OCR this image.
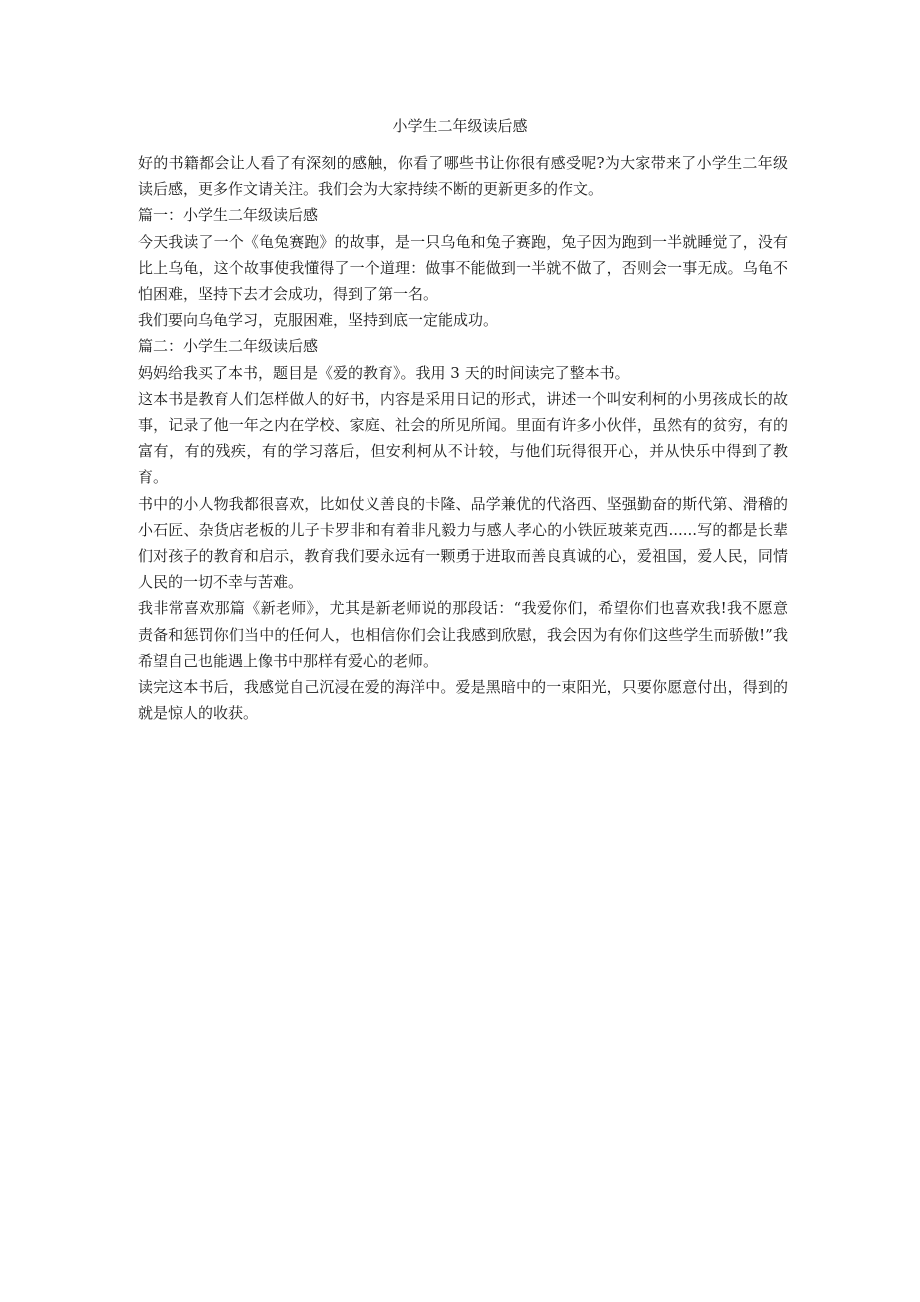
小学生二年级读后感

好的书籍都会让人看了有深刻的感触，你看了哪些书让你很有感受呢?为大家带来了小学生二年级读后感，更多作文请关注。我们会为大家持续不断的更新更多的作文。

篇一：小学生二年级读后感

今天我读了一个《龟兔赛跑》的故事，是一只乌龟和兔子赛跑，兔子因为跑到一半就睡觉了，没有比上乌龟，这个故事使我懂得了一个道理：做事不能做到一半就不做了，否则会一事无成。乌龟不怕困难，坚持下去才会成功，得到了第一名。

我们要向乌龟学习，克服困难，坚持到底一定能成功。

篇二：小学生二年级读后感

妈妈给我买了本书，题目是《爱的教育》。我用 3 天的时间读完了整本书。

这本书是教育人们怎样做人的好书，内容是采用日记的形式，讲述一个叫安利柯的小男孩成长的故事，记录了他一年之内在学校、家庭、社会的所见所闻。里面有许多小伙伴，虽然有的贫穷，有的富有，有的残疾，有的学习落后，但安利柯从不计较，与他们玩得很开心，并从快乐中得到了教育。

书中的小人物我都很喜欢，比如仗义善良的卡隆、品学兼优的代洛西、坚强勤奋的斯代第、滑稽的小石匠、杂货店老板的儿子卡罗非和有着非凡毅力与感人孝心的小铁匠玻莱克西......写的都是长辈们对孩子的教育和启示，教育我们要永远有一颗勇于进取而善良真诚的心，爱祖国，爱人民，同情人民的一切不幸与苦难。

我非常喜欢那篇《新老师》，尤其是新老师说的那段话：“我爱你们，希望你们也喜欢我!我不愿意责备和惩罚你们当中的任何人，也相信你们会让我感到欣慰，我会因为有你们这些学生而骄傲!”我希望自己也能遇上像书中那样有爱心的老师。

读完这本书后，我感觉自己沉浸在爱的海洋中。爱是黑暗中的一束阳光，只要你愿意付出，得到的就是惊人的收获。
